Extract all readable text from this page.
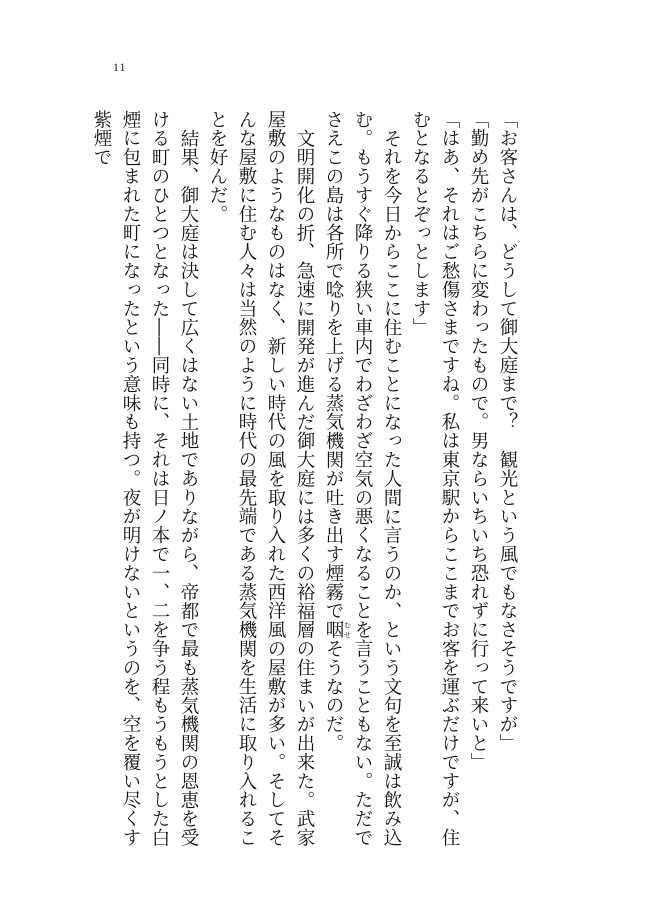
11

「お客さんは、どうして御大庭まで？　観光という風でもなさそうですが」

「勤め先がこちらに変わったもので。男ならいちいち恐れずに行って来いと」

「はあ、それはご愁傷さまですね。私は東京駅からここまでお客を運ぶだけですが、住むとなるとぞっとします」

それを今日からここに住むことになった人間に言うのか、という文句を至誠は飲み込む。もうすぐ降りる狭い車内でわざわざ空気の悪くなることを言うこともない。ただでさえこの島は各所で唸りを上げる蒸気機関が吐き出す煙霧で咽 むせそうなのだ。

文明開化の折、急速に開発が進んだ御大庭には多くの裕福層の住まいが出来た。武家屋敷のようなものはなく、新しい時代の風を取り入れた西洋風の屋敷が多い。そしてそんな屋敷に住む人々は当然のように時代の最先端である蒸気機関を生活に取り入れることを好んだ。

結果、御大庭は決して広くはない土地でありながら、帝都で最も蒸気機関の恩恵を受ける町のひとつとなった――同時に、それは日ノ本で一、二を争う程もうもうとした白煙に包まれた町になったという意味も持つ。夜が明けないというのを、空を覆い尽くす紫煙で
